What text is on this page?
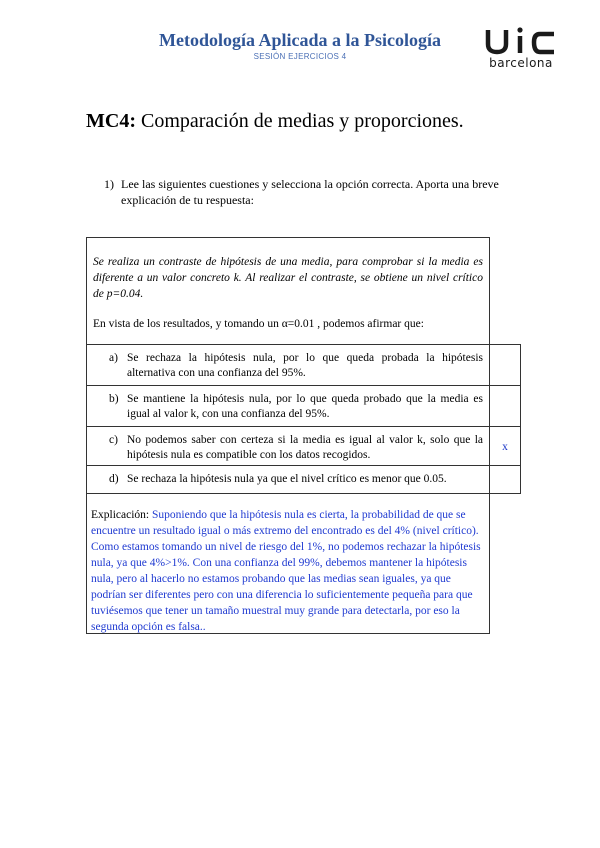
Metodología Aplicada a la Psicología
SESIÓN EJERCICIOS 4	barcelona
MC4: Comparación de medias y proporciones.
1) Lee las siguientes cuestiones y selecciona la opción correcta. Aporta una breve explicación de tu respuesta:
Se realiza un contraste de hipótesis de una media, para comprobar si la media es diferente a un valor concreto k. Al realizar el contraste, se obtiene un nivel crítico de p=0.04.
En vista de los resultados, y tomando un α=0.01 , podemos afirmar que:
a) Se rechaza la hipótesis nula, por lo que queda probada la hipótesis alternativa con una confianza del 95%.
b) Se mantiene la hipótesis nula, por lo que queda probado que la media es igual al valor k, con una confianza del 95%.
c) No podemos saber con certeza si la media es igual al valor k, solo que la hipótesis nula es compatible con los datos recogidos.
x
d) Se rechaza la hipótesis nula ya que el nivel crítico es menor que 0.05.
Explicación: Suponiendo que la hipótesis nula es cierta, la probabilidad de que se encuentre un resultado igual o más extremo del encontrado es del 4% (nivel crítico). Como estamos tomando un nivel de riesgo del 1%, no podemos rechazar la hipótesis nula, ya que 4%>1%. Con una confianza del 99%, debemos mantener la hipótesis nula, pero al hacerlo no estamos probando que las medias sean iguales, ya que podrían ser diferentes pero con una diferencia lo suficientemente pequeña para que tuviésemos que tener un tamaño muestral muy grande para detectarla, por eso la segunda opción es falsa..
